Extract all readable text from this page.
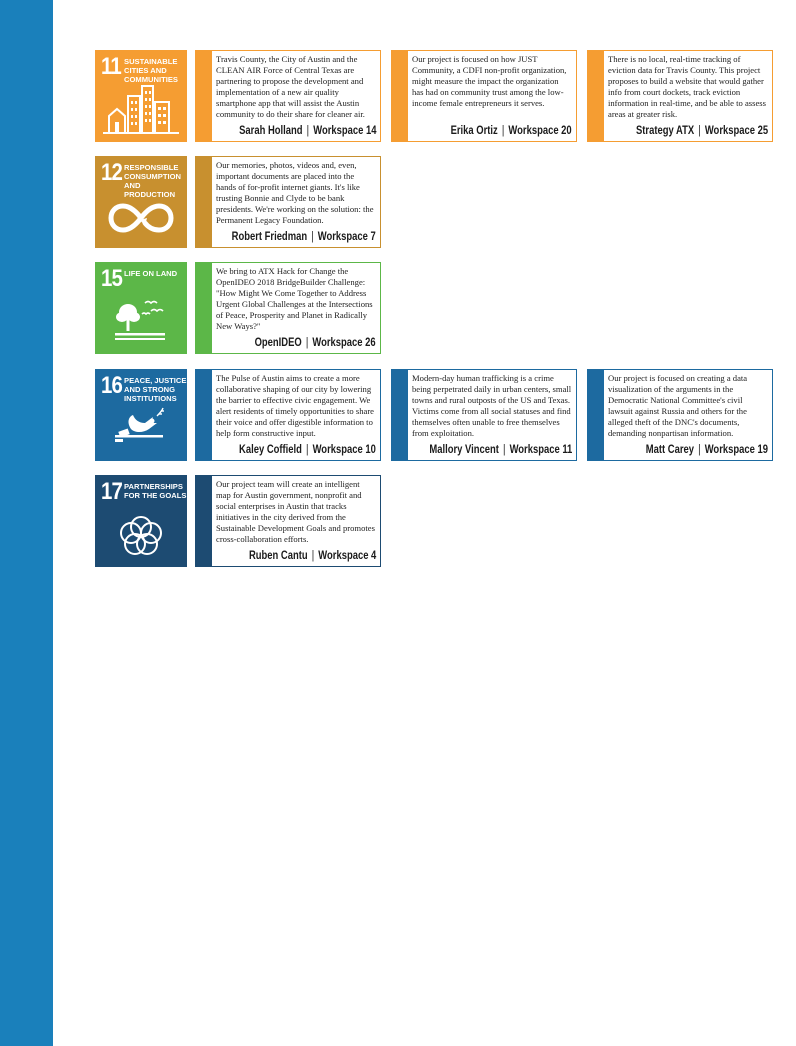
11 SUSTAINABLE CITIES AND COMMUNITIES
Travis County, the City of Austin and the CLEAN AIR Force of Central Texas are partnering to propose the development and implementation of a new air quality smartphone app that will assist the Austin community to do their share for cleaner air.
Sarah Holland | Workspace 14
Our project is focused on how JUST Community, a CDFI non-profit organization, might measure the impact the organization has had on community trust among the low-income female entrepreneurs it serves.
Erika Ortiz | Workspace 20
There is no local, real-time tracking of eviction data for Travis County. This project proposes to build a website that would gather info from court dockets, track eviction information in real-time, and be able to assess areas at greater risk.
Strategy ATX | Workspace 25
12 RESPONSIBLE CONSUMPTION AND PRODUCTION
Our memories, photos, videos and, even, important documents are placed into the hands of for-profit internet giants. It's like trusting Bonnie and Clyde to be bank presidents. We're working on the solution: the Permanent Legacy Foundation.
Robert Friedman | Workspace 7
15 LIFE ON LAND	We bring to ATX Hack for Change the OpenIDEO 2018 BridgeBuilder Challenge: "How Might We Come Together to Address Urgent Global Challenges at the Intersections of Peace, Prosperity and Planet in Radically New Ways?"
OpenIDEO | Workspace 26
16 PEACE, JUSTICE AND STRONG INSTITUTIONS
The Pulse of Austin aims to create a more collaborative shaping of our city by lowering the barrier to effective civic engagement. We alert residents of timely opportunities to share their voice and offer digestible information to help form constructive input.
Kaley Coffield | Workspace 10
Modern-day human trafficking is a crime being perpetrated daily in urban centers, small towns and rural outposts of the US and Texas. Victims come from all social statuses and find themselves often unable to free themselves from exploitation.
Mallory Vincent | Workspace 11
Our project is focused on creating a data visualization of the arguments in the Democratic National Committee's civil lawsuit against Russia and others for the alleged theft of the DNC's documents, demanding nonpartisan information.
Matt Carey | Workspace 19
17 PARTNERSHIPS FOR THE GOALS
Our project team will create an intelligent map for Austin government, nonprofit and social enterprises in Austin that tracks initiatives in the city derived from the Sustainable Development Goals and promotes cross-collaboration efforts.
Ruben Cantu | Workspace 4
